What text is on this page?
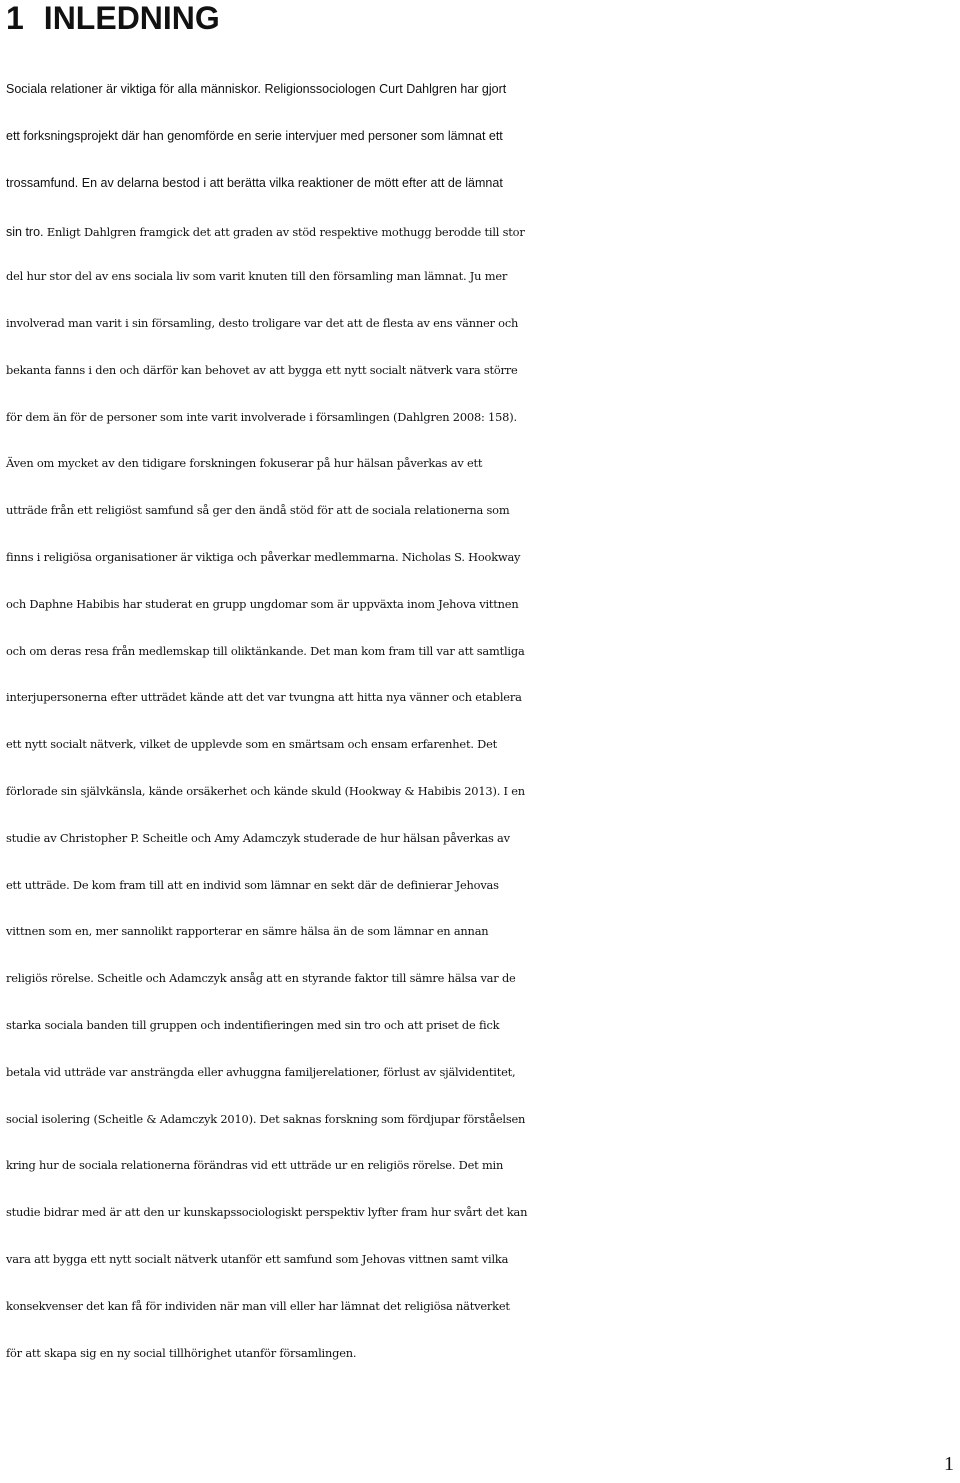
1 INLEDNING
Sociala relationer är viktiga för alla människor. Religionssociologen Curt Dahlgren har gjort
ett forksningsprojekt där han genomförde en serie intervjuer med personer som lämnat ett
trossamfund. En av delarna bestod i att berätta vilka reaktioner de mött efter att de lämnat
sin tro. Enligt Dahlgren framgick det att graden av stöd respektive mothugg berodde till stor
del hur stor del av ens sociala liv som varit knuten till den församling man lämnat. Ju mer
involverad man varit i sin församling, desto troligare var det att de flesta av ens vänner och
bekanta fanns i den och därför kan behovet av att bygga ett nytt socialt nätverk vara större
för dem än för de personer som inte varit involverade i församlingen (Dahlgren 2008: 158).
Även om mycket av den tidigare forskningen fokuserar på hur hälsan påverkas av ett
utträde från ett religiöst samfund så ger den ändå stöd för att de sociala relationerna som
finns i religiösa organisationer är viktiga och påverkar medlemmarna. Nicholas S. Hookway
och Daphne Habibis har studerat en grupp ungdomar som är uppväxta inom Jehova vittnen
och om deras resa från medlemskap till oliktänkande. Det man kom fram till var att samtliga
interjupersonerna efter utträdet kände att det var tvungna att hitta nya vänner och etablera
ett nytt socialt nätverk, vilket de upplevde som en smärtsam och ensam erfarenhet. Det
förlorade sin självkänsla, kände orsäkerhet och kände skuld (Hookway & Habibis 2013). I en
studie av Christopher P. Scheitle och Amy Adamczyk studerade de hur hälsan påverkas av
ett utträde. De kom fram till att en individ som lämnar en sekt där de definierar Jehovas
vittnen som en, mer sannolikt rapporterar en sämre hälsa än de som lämnar en annan
religiös rörelse. Scheitle och Adamczyk ansåg att en styrande faktor till sämre hälsa var de
starka sociala banden till gruppen och indentifieringen med sin tro och att priset de fick
betala vid utträde var ansträngda eller avhuggna familjerelationer, förlust av självidentitet,
social isolering (Scheitle & Adamczyk 2010). Det saknas forskning som fördjupar förståelsen
kring hur de sociala relationerna förändras vid ett utträde ur en religiös rörelse. Det min
studie bidrar med är att den ur kunskapssociologiskt perspektiv lyfter fram hur svårt det kan
vara att bygga ett nytt socialt nätverk utanför ett samfund som Jehovas vittnen samt vilka
konsekvenser det kan få för individen när man vill eller har lämnat det religiösa nätverket
för att skapa sig en ny social tillhörighet utanför församlingen.
1
